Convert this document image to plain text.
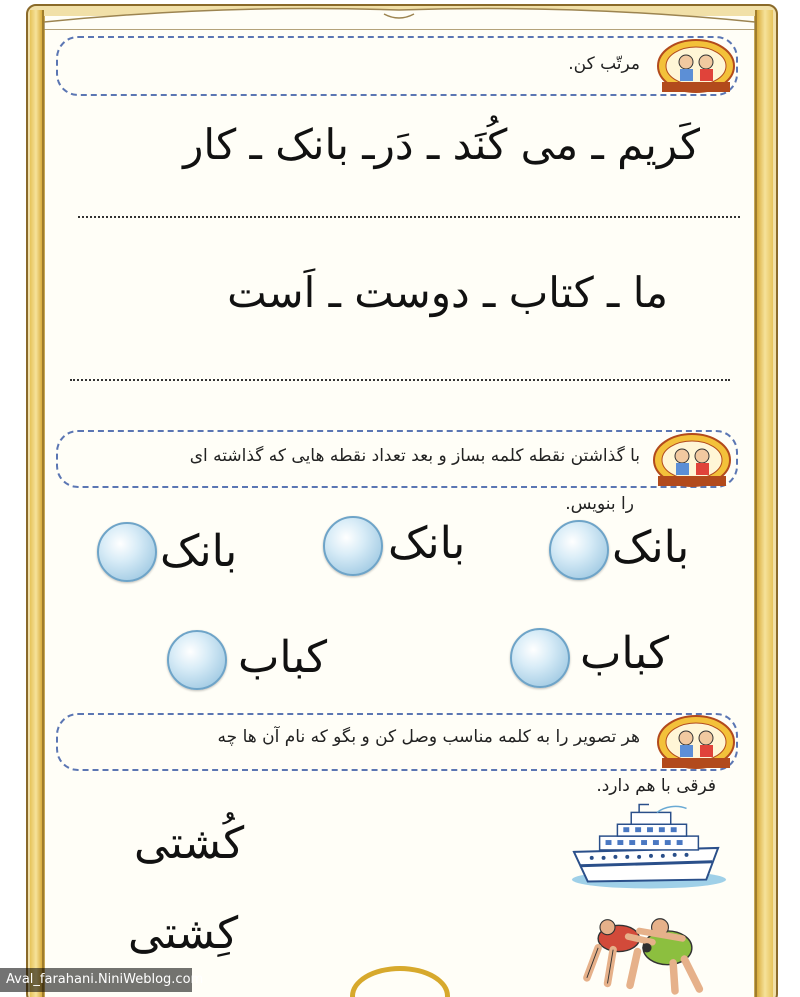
مرتّب کن.
کَریم ـ می کُنَد ـ دَرـ بانک ـ کار
ما ـ کتاب ـ دوست ـ اَست
با گذاشتن نقطه کلمه بساز و بعد تعداد نقطه هایی که گذاشته ای
را بنویس.
بانک
بانک
بانک
کباب
کباب
هر تصویر را به کلمه مناسب وصل کن و بگو که نام آن ها چه
فرقی با هم دارد.
کُشتی
کِشتی
Aval_farahani.NiniWeblog.com
